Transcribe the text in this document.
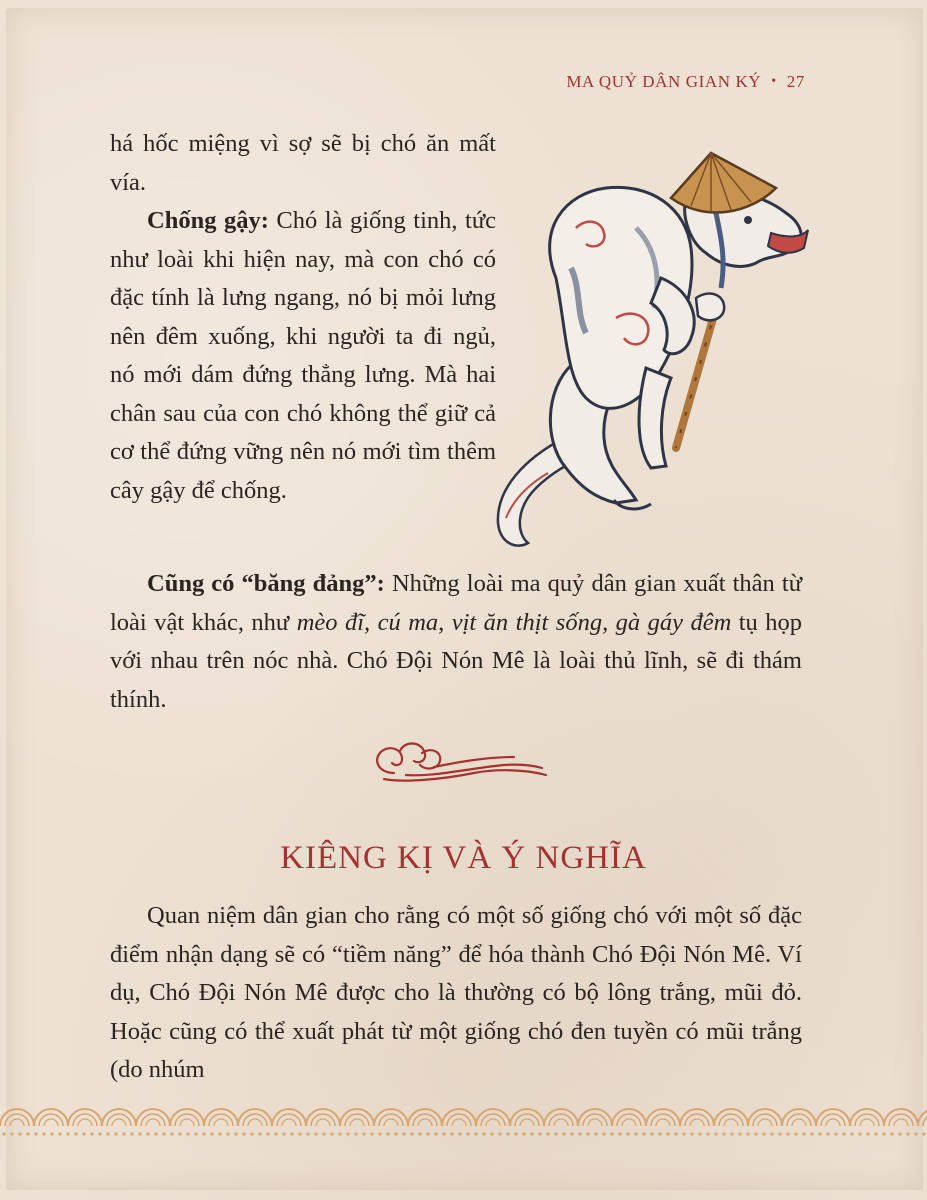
MA QUỶ DÂN GIAN KÝ • 27

há hốc miệng vì sợ sẽ bị chó ăn mất vía.

Chống gậy: Chó là giống tinh, tức như loài khi hiện nay, mà con chó có đặc tính là lưng ngang, nó bị mỏi lưng nên đêm xuống, khi người ta đi ngủ, nó mới dám đứng thẳng lưng. Mà hai chân sau của con chó không thể giữ cả cơ thể đứng vững nên nó mới tìm thêm cây gậy để chống.

Cũng có “băng đảng”: Những loài ma quỷ dân gian xuất thân từ loài vật khác, như mèo đĩ, cú ma, vịt ăn thịt sống, gà gáy đêm tụ họp với nhau trên nóc nhà. Chó Đội Nón Mê là loài thủ lĩnh, sẽ đi thám thính.
KIÊNG KỊ VÀ Ý NGHĨA
Quan niệm dân gian cho rằng có một số giống chó với một số đặc điểm nhận dạng sẽ có “tiềm năng” để hóa thành Chó Đội Nón Mê. Ví dụ, Chó Đội Nón Mê được cho là thường có bộ lông trắng, mũi đỏ. Hoặc cũng có thể xuất phát từ một giống chó đen tuyền có mũi trắng (do nhúm
